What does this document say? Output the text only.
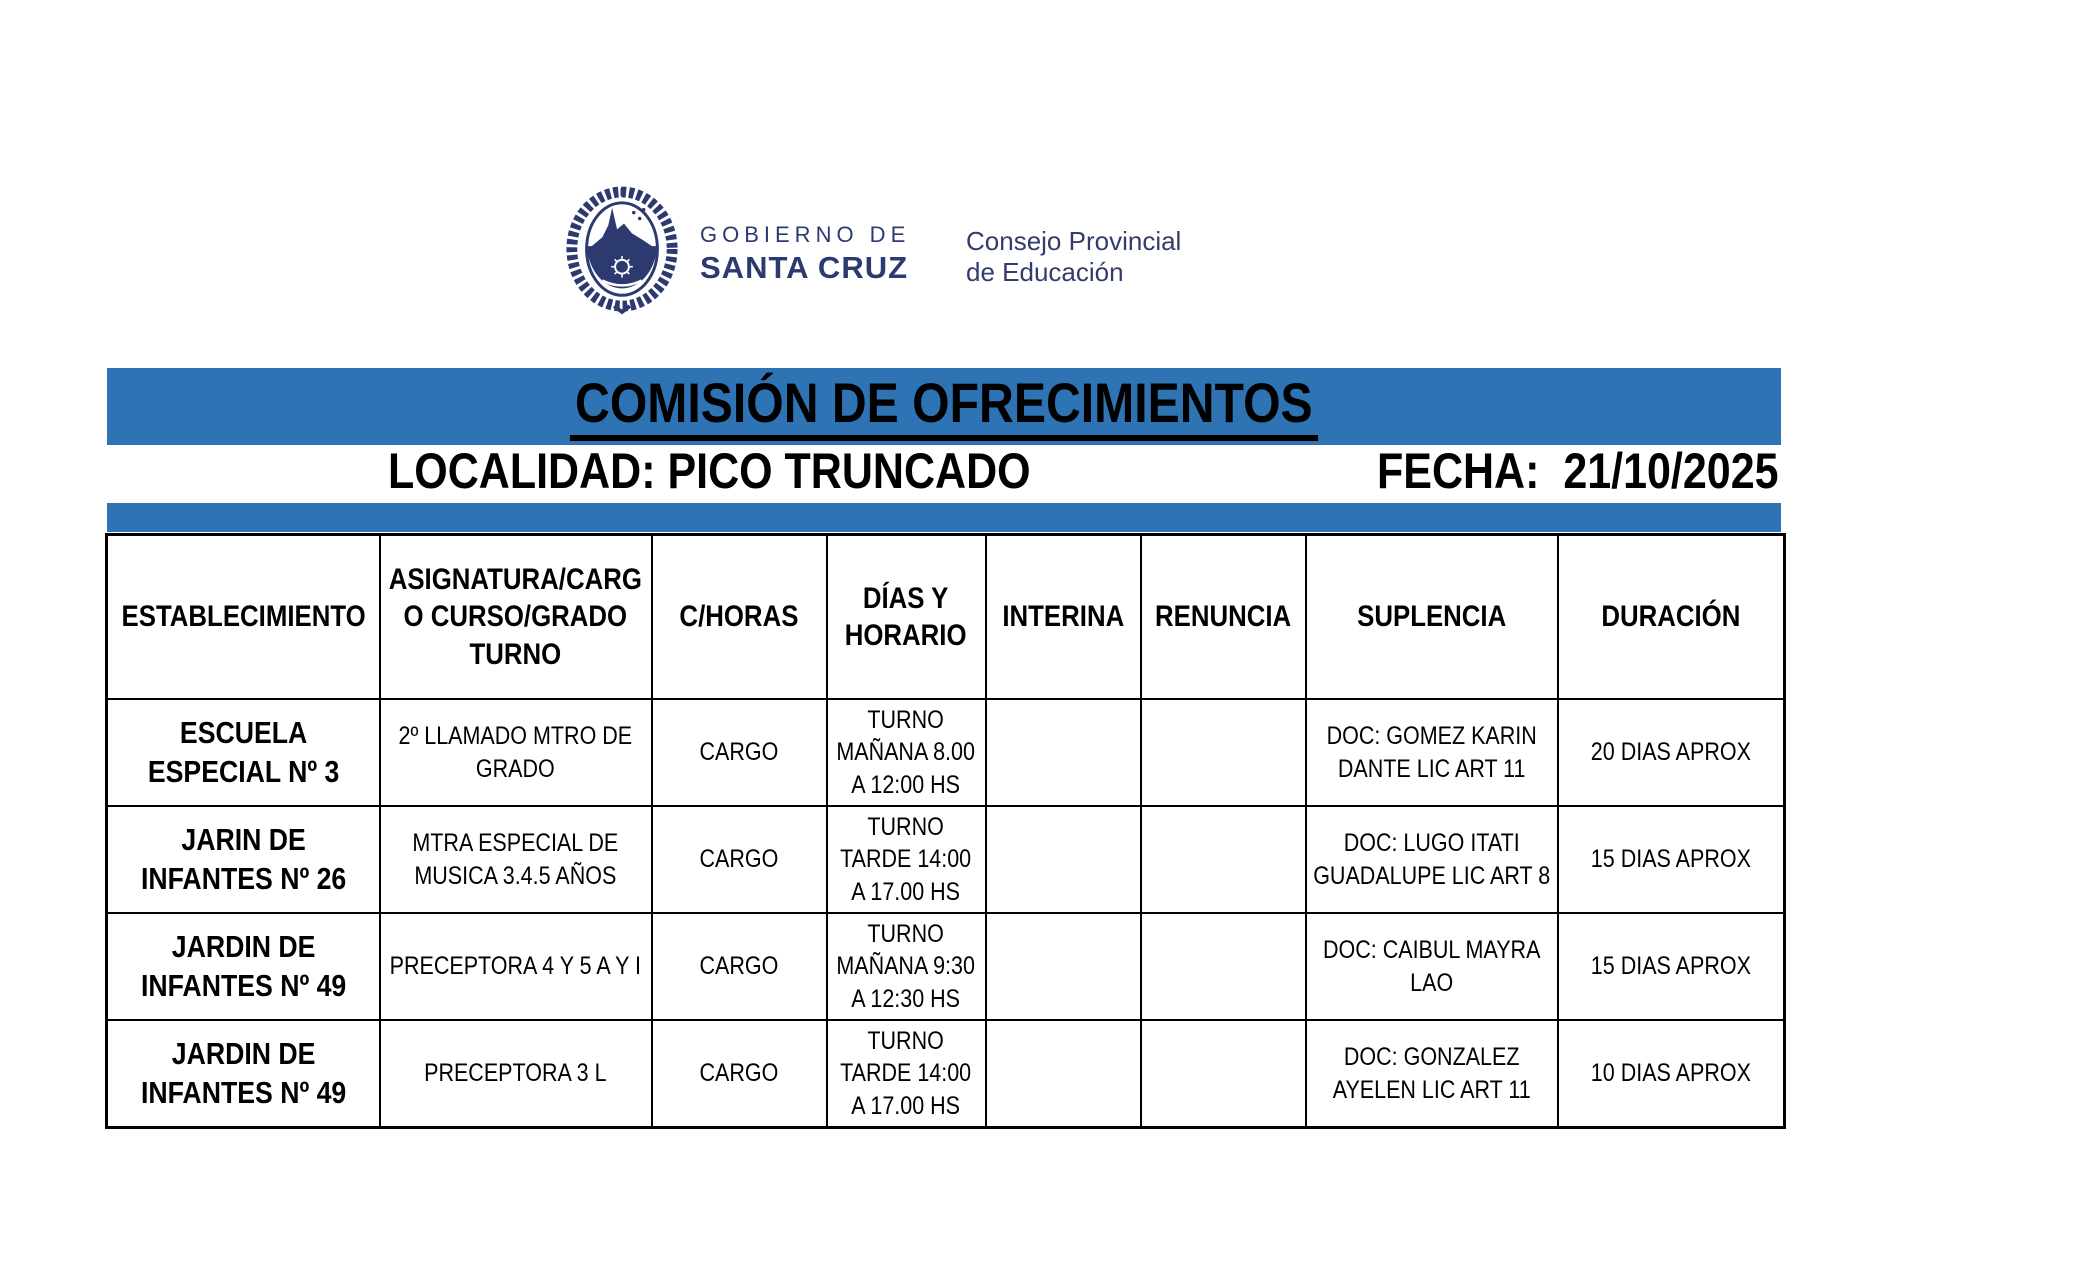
GOBIERNO DE
SANTA CRUZ
Consejo Provincial
de Educación
COMISIÓN DE OFRECIMIENTOS
LOCALIDAD: PICO TRUNCADO	FECHA:  21/10/2025
ESTABLECIMIENTO	ASIGNATURA/CARGO CURSO/GRADO TURNO	C/HORAS	DÍAS Y HORARIO	INTERINA	RENUNCIA	SUPLENCIA	DURACIÓN

ESCUELA ESPECIAL Nº 3	2º LLAMADO MTRO DE GRADO	CARGO	TURNO MAÑANA 8.00 A 12:00 HS			DOC: GOMEZ KARIN DANTE LIC ART 11	20 DIAS APROX

JARIN DE INFANTES Nº 26	MTRA ESPECIAL DE MUSICA 3.4.5 AÑOS	CARGO	TURNO TARDE 14:00 A 17.00 HS			DOC: LUGO ITATI GUADALUPE LIC ART 8	15 DIAS APROX

JARDIN DE INFANTES Nº 49	PRECEPTORA 4 Y 5 A Y I	CARGO	TURNO MAÑANA 9:30 A 12:30 HS			DOC: CAIBUL MAYRA LAO	15 DIAS APROX

JARDIN DE INFANTES Nº 49	PRECEPTORA 3 L	CARGO	TURNO TARDE 14:00 A 17.00 HS			DOC: GONZALEZ AYELEN LIC ART 11	10 DIAS APROX
